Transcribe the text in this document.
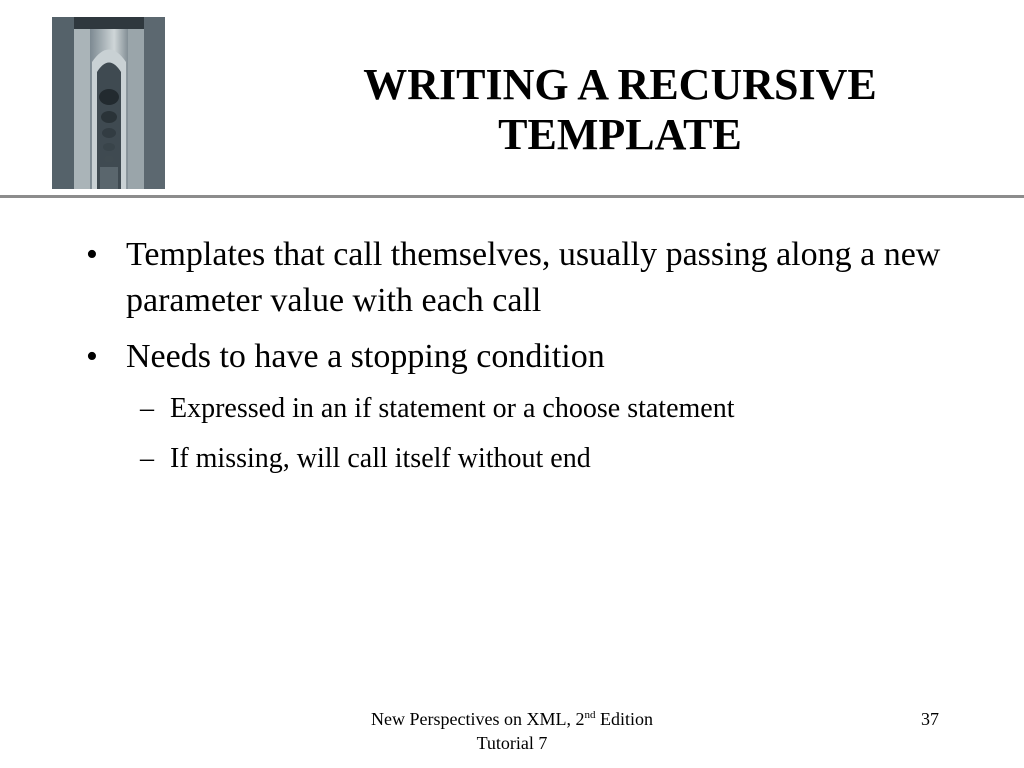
WRITING A RECURSIVE
TEMPLATE
• Templates that call themselves, usually passing along a new parameter value with each call
• Needs to have a stopping condition
– Expressed in an if statement or a choose statement
– If missing, will call itself without end
New Perspectives on XML, 2nd Edition
Tutorial 7
37
